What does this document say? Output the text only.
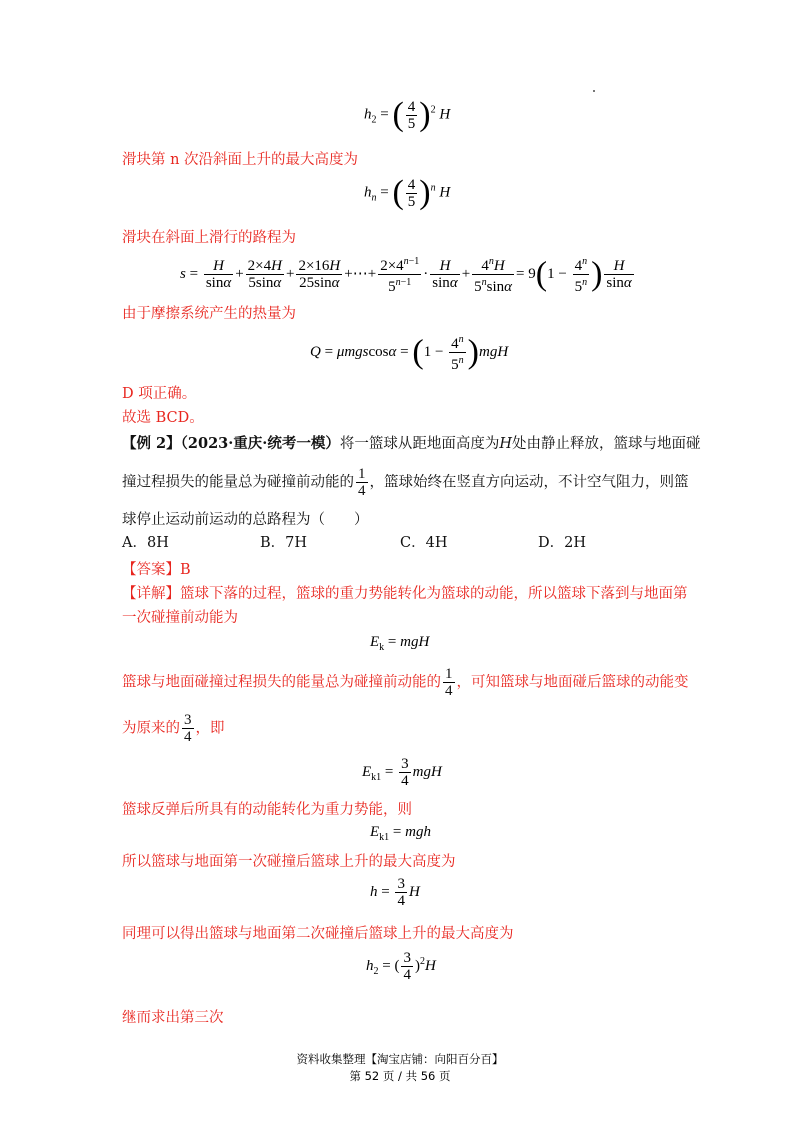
$h_2$ = ( $\frac{4}{5} )^2$ H
滑块第 n 次沿斜面上升的最大高度为
$h_n$ = ( $\frac{4}{5} )^n$ H
滑块在斜面上滑行的路程为
$s = \frac{H}{\sin\alpha} + \frac{2\times 4H}{5\sin\alpha} + \frac{2\times 16H}{25\sin\alpha}$ +⋯+ $\frac{2\times 4^{n-1}}{5^{n-1}} \cdot \frac{H}{\sin\alpha} + \frac{4^nH}{5^n\sin\alpha} = 9(1 - \frac{4^n}{5^n}$ ) $\frac{H}{\sin\alpha}$
由于摩擦系统产生的热量为
$Q = \mu mgscos\alpha = (1 - \frac{4^n}{5^n} )mgH$
D 项正确。
故选 BCD。
【例 2】（2023·重庆·统考一模）将一篮球从距地面高度为H处由静止释放，篮球与地面碰
撞过程损失的能量总为碰撞前动能的 $\frac{1}{4}$ ，篮球始终在竖直方向运动，不计空气阻力，则篮
球停止运动前运动的总路程为（　　）
A．8H	B．7H	C．4H	D．2H
【答案】B
【详解】篮球下落的过程，篮球的重力势能转化为篮球的动能，所以篮球下落到与地面第
一次碰撞前动能为
$E_k$ = mgH
篮球与地面碰撞过程损失的能量总为碰撞前动能的 $\frac{1}{4}$ ，可知篮球与地面碰后篮球的动能变
为原来的 $\frac{3}{4}$ ，即
$E_{k1} = \frac{3}{4}$ mgH
篮球反弹后所具有的动能转化为重力势能，则
$E_{k1}$ = mgh
所以篮球与地面第一次碰撞后篮球上升的最大高度为
$h = \frac{3}{4}$ H
同理可以得出篮球与地面第二次碰撞后篮球上升的最大高度为
$h_2$ = ( $\frac{3}{4} )^2H$
继而求出第三次
资料收集整理【淘宝店铺：向阳百分百】
第 52 页 / 共 56 页
